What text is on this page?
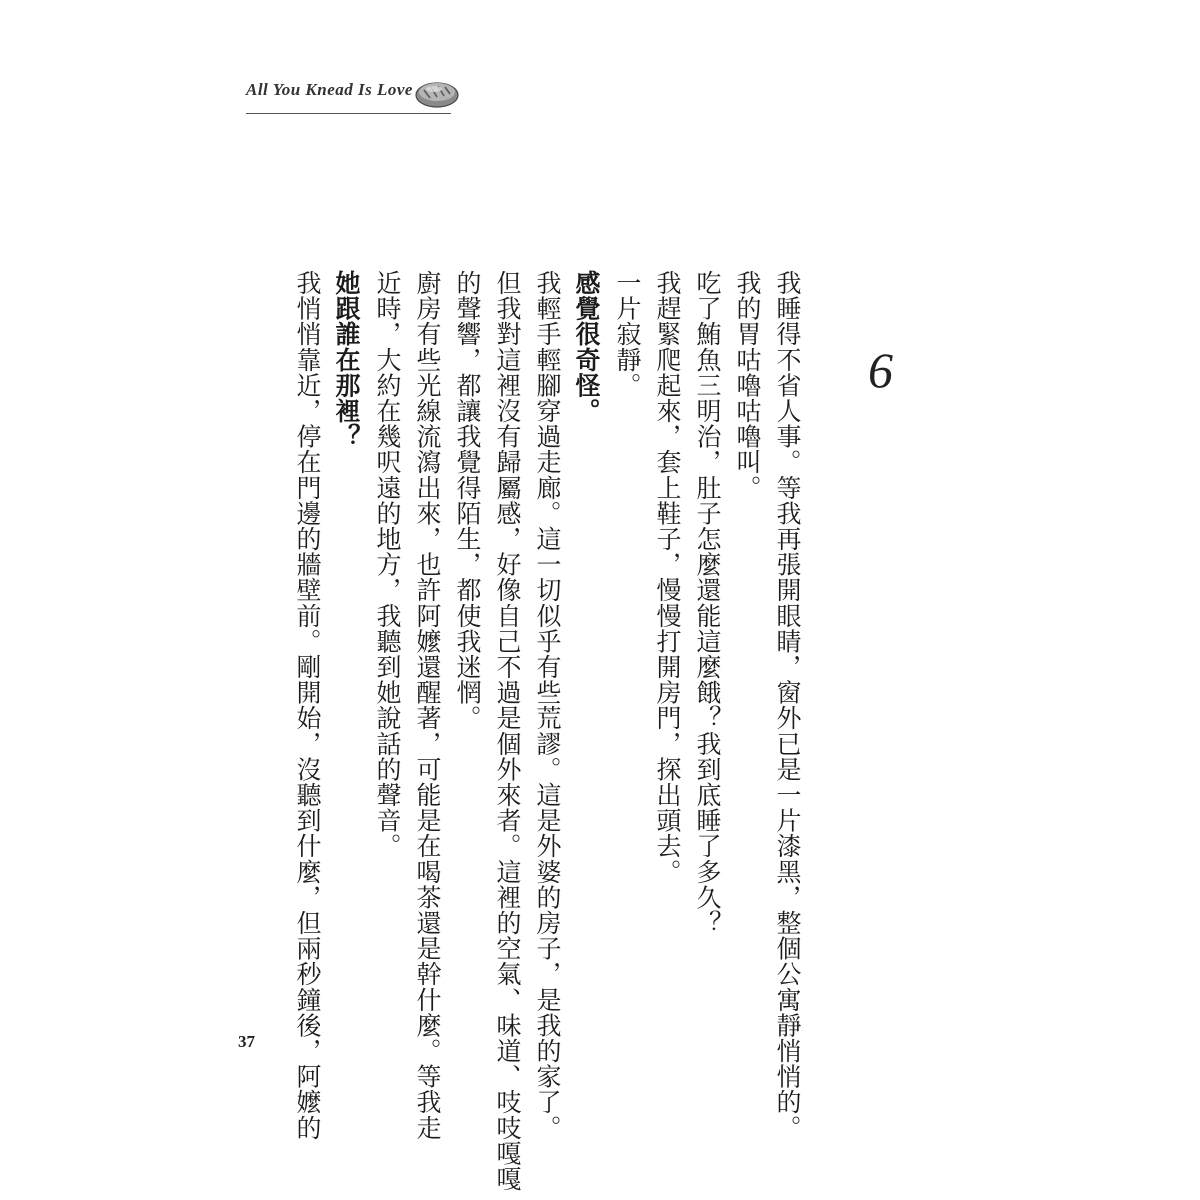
All You Knead Is Love
6
我睡得不省人事。等我再張開眼睛，窗外已是一片漆黑，整個公寓靜悄悄的。
我的胃咕嚕咕嚕叫。
吃了鮪魚三明治，肚子怎麼還能這麼餓？我到底睡了多久？
我趕緊爬起來，套上鞋子，慢慢打開房門，探出頭去。
一片寂靜。
感覺很奇怪。
我輕手輕腳穿過走廊。這一切似乎有些荒謬。這是外婆的房子，是我的家了。
但我對這裡沒有歸屬感，好像自己不過是個外來者。這裡的空氣、味道、吱吱嘎嘎
的聲響，都讓我覺得陌生，都使我迷惘。
廚房有些光線流瀉出來，也許阿嬤還醒著，可能是在喝茶還是幹什麼。等我走
近時，大約在幾呎遠的地方，我聽到她說話的聲音。
她跟誰在那裡？
我悄悄靠近，停在門邊的牆壁前。剛開始，沒聽到什麼，但兩秒鐘後，阿嬤的
37
